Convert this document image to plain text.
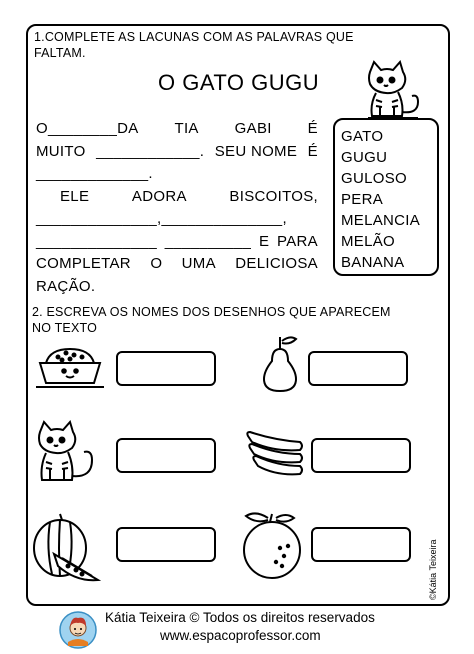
1.COMPLETE AS LACUNAS COM AS PALAVRAS QUE
FALTAM.
O GATO GUGU
O________DA TIA GABI É
MUITO ____________. SEU NOME É
_____________.
ELE	ADORA	BISCOITOS,
______________,______________,
______________ __________ E PARA
COMPLETAR O UMA DELICIOSA
RAÇÃO.
GATO
GUGU
GULOSO
PERA
MELANCIA
MELÃO
BANANA
2. ESCREVA OS NOMES DOS DESENHOS QUE APARECEM
NO TEXTO
©Kátia Teixeira
Kátia Teixeira © Todos os direitos reservados
www.espacoprofessor.com
